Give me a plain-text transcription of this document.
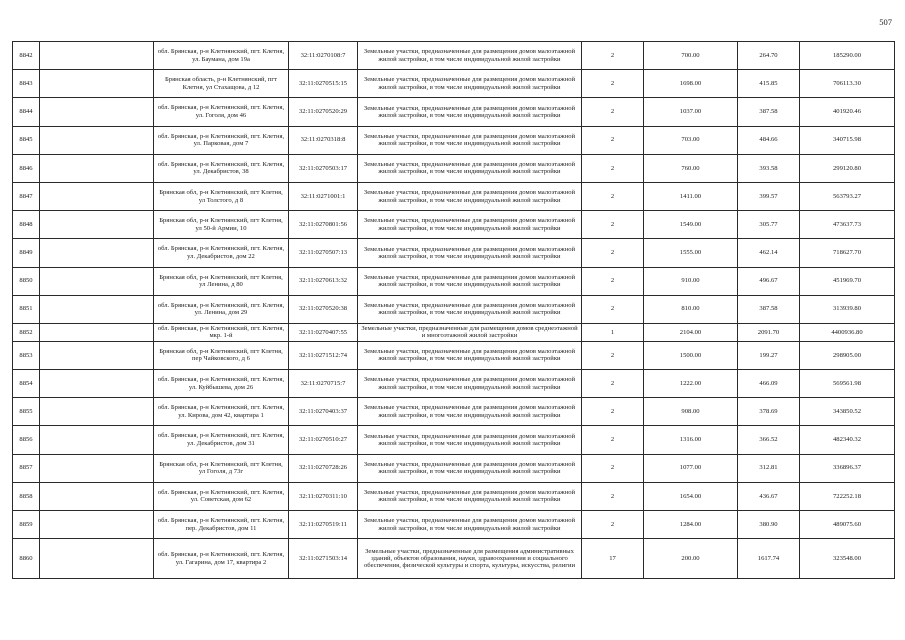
507
8842		обл. Брянская, р-н Клетнянский, пгт. Клетня, ул. Баумана, дом 19а	32:11:0270108:7	Земельные участки, предназначенные для размещения домов малоэтажной жилой застройки, в том числе индивидуальной жилой застройки	2	700.00	264.70	185290.00
8843		Брянская область, р-н Клетнянский, пгт Клетня, ул Стахащова, д 12	32:11:0270515:15	Земельные участки, предназначенные для размещения домов малоэтажной жилой застройки, в том числе индивидуальной жилой застройки	2	1698.00	415.85	706113.30
8844		обл. Брянская, р-н Клетнянский, пгт. Клетня, ул. Гоголя, дом 46	32:11:0270520:29	Земельные участки, предназначенные для размещения домов малоэтажной жилой застройки, в том числе индивидуальной жилой застройки	2	1037.00	387.58	401920.46
8845		обл. Брянская, р-н Клетнянский, пгт. Клетня, ул. Парковая, дом 7	32:11:0270318:8	Земельные участки, предназначенные для размещения домов малоэтажной жилой застройки, в том числе индивидуальной жилой застройки	2	703.00	484.66	340715.98
8846		обл. Брянская, р-н Клетнянский, пгт. Клетня, ул. Декабристов, 38	32:11:0270503:17	Земельные участки, предназначенные для размещения домов малоэтажной жилой застройки, в том числе индивидуальной жилой застройки	2	760.00	393.58	299120.80
8847		Брянская обл, р-н Клетнянский, пгт Клетня, ул Толстого, д 8	32:11:0271001:1	Земельные участки, предназначенные для размещения домов малоэтажной жилой застройки, в том числе индивидуальной жилой застройки	2	1411.00	399.57	563793.27
8848		Брянская обл, р-н Клетнянский, пгт Клетня, ул 50-й Армии, 10	32:11:0270801:56	Земельные участки, предназначенные для размещения домов малоэтажной жилой застройки, в том числе индивидуальной жилой застройки	2	1549.00	305.77	473637.73
8849		обл. Брянская, р-н Клетнянский, пгт. Клетня, ул. Декабристов, дом 22	32:11:0270507:13	Земельные участки, предназначенные для размещения домов малоэтажной жилой застройки, в том числе индивидуальной жилой застройки	2	1555.00	462.14	718627.70
8850		Брянская обл, р-н Клетнянский, пгт Клетня, ул Ленина, д 80	32:11:0270613:32	Земельные участки, предназначенные для размещения домов малоэтажной жилой застройки, в том числе индивидуальной жилой застройки	2	910.00	496.67	451969.70
8851		обл. Брянская, р-н Клетнянский, пгт. Клетня, ул. Ленина, дом 29	32:11:0270520:38	Земельные участки, предназначенные для размещения домов малоэтажной жилой застройки, в том числе индивидуальной жилой застройки	2	810.00	387.58	313939.80
8852		обл. Брянская, р-н Клетнянский, пгт. Клетня, мкр. 1-й	32:11:0270407:55	Земельные участки, предназначенные для размещения домов среднеэтажной и многоэтажной жилой застройки	1	2104.00	2091.70	4400936.80
8853		Брянская обл, р-н Клетнянский, пгт Клетня, пер Чайковского, д 6	32:11:0271512:74	Земельные участки, предназначенные для размещения домов малоэтажной жилой застройки, в том числе индивидуальной жилой застройки	2	1500.00	199.27	298905.00
8854		обл. Брянская, р-н Клетнянский, пгт. Клетня, ул. Куйбышева, дом 26	32:11:0270715:7	Земельные участки, предназначенные для размещения домов малоэтажной жилой застройки, в том числе индивидуальной жилой застройки	2	1222.00	466.09	569561.98
8855		обл. Брянская, р-н Клетнянский, пгт. Клетня, ул. Кирова, дом 42, квартира 1	32:11:0270403:37	Земельные участки, предназначенные для размещения домов малоэтажной жилой застройки, в том числе индивидуальной жилой застройки	2	908.00	378.69	343850.52
8856		обл. Брянская, р-н Клетнянский, пгт. Клетня, ул. Декабристов, дом 31	32:11:0270510:27	Земельные участки, предназначенные для размещения домов малоэтажной жилой застройки, в том числе индивидуальной жилой застройки	2	1316.00	366.52	482340.32
8857		Брянская обл, р-н Клетнянский, пгт Клетня, ул Гоголя, д 73г	32:11:0270728:26	Земельные участки, предназначенные для размещения домов малоэтажной жилой застройки, в том числе индивидуальной жилой застройки	2	1077.00	312.81	336896.37
8858		обл. Брянская, р-н Клетнянский, пгт. Клетня, ул. Советская, дом 62	32:11:0270311:10	Земельные участки, предназначенные для размещения домов малоэтажной жилой застройки, в том числе индивидуальной жилой застройки	2	1654.00	436.67	722252.18
8859		обл. Брянская, р-н Клетнянский, пгт. Клетня, пер. Декабристов, дом 11	32:11:0270519:11	Земельные участки, предназначенные для размещения домов малоэтажной жилой застройки, в том числе индивидуальной жилой застройки	2	1284.00	380.90	489075.60
8860		обл. Брянская, р-н Клетнянский, пгт. Клетня, ул. Гагарина, дом 17, квартира 2	32:11:0271503:14	Земельные участки, предназначенные для размещения административных зданий, объектов образования, науки, здравоохранения и социального обеспечения, физической культуры и спорта, культуры, искусства, религии	17	200.00	1617.74	323548.00
